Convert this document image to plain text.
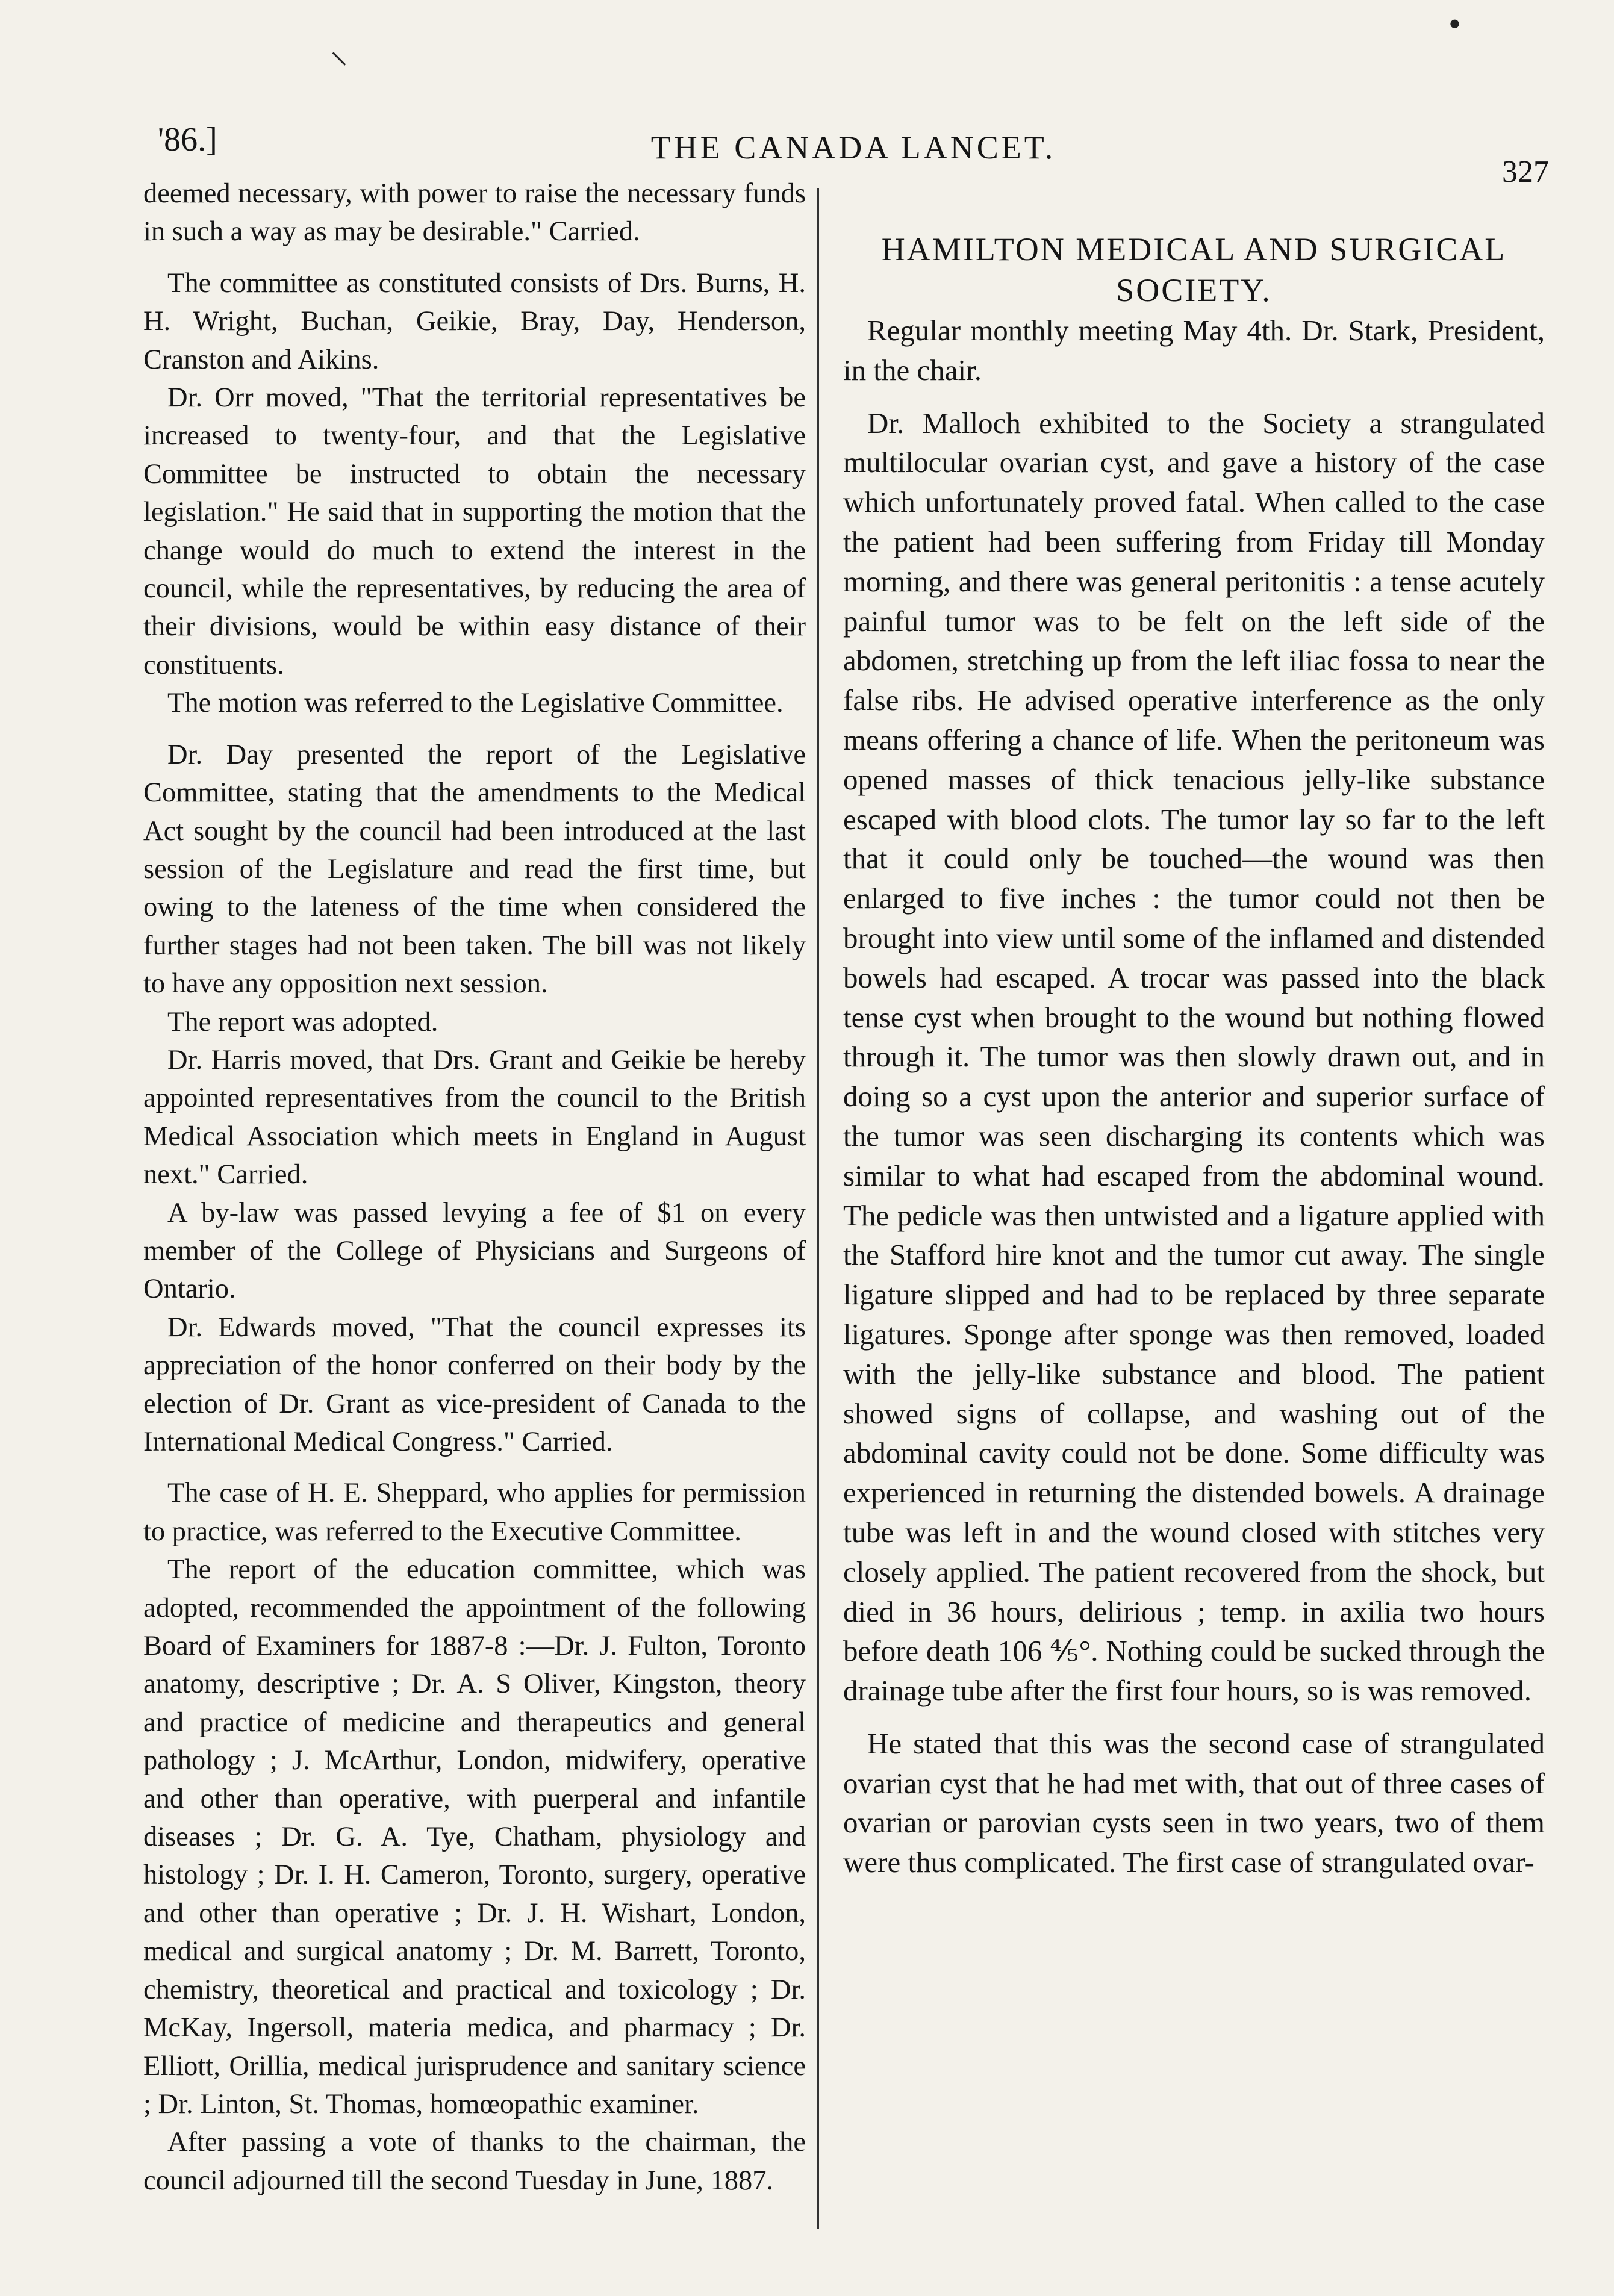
⸜
•
'86.]	THE CANADA LANCET.
327

deemed necessary, with power to raise the necessary funds in such a way as may be desirable." Carried.

The committee as constituted consists of Drs. Burns, H. H. Wright, Buchan, Geikie, Bray, Day, Henderson, Cranston and Aikins.

Dr. Orr moved, "That the territorial representatives be increased to twenty-four, and that the Legislative Committee be instructed to obtain the necessary legislation." He said that in supporting the motion that the change would do much to extend the interest in the council, while the representatives, by reducing the area of their divisions, would be within easy distance of their constituents.

The motion was referred to the Legislative Committee.

Dr. Day presented the report of the Legislative Committee, stating that the amendments to the Medical Act sought by the council had been introduced at the last session of the Legislature and read the first time, but owing to the lateness of the time when considered the further stages had not been taken. The bill was not likely to have any opposition next session.

The report was adopted.

Dr. Harris moved, that Drs. Grant and Geikie be hereby appointed representatives from the council to the British Medical Association which meets in England in August next." Carried.

A by-law was passed levying a fee of $1 on every member of the College of Physicians and Surgeons of Ontario.

Dr. Edwards moved, "That the council expresses its appreciation of the honor conferred on their body by the election of Dr. Grant as vice-president of Canada to the International Medical Congress." Carried.

The case of H. E. Sheppard, who applies for permission to practice, was referred to the Executive Committee.

The report of the education committee, which was adopted, recommended the appointment of the following Board of Examiners for 1887-8 :—Dr. J. Fulton, Toronto anatomy, descriptive ; Dr. A. S Oliver, Kingston, theory and practice of medicine and therapeutics and general pathology ; J. McArthur, London, midwifery, operative and other than operative, with puerperal and infantile diseases ; Dr. G. A. Tye, Chatham, physiology and histology ; Dr. I. H. Cameron, Toronto, surgery, operative and other than operative ; Dr. J. H. Wishart, London, medical and surgical anatomy ; Dr. M. Barrett, Toronto, chemistry, theoretical and practical and toxicology ; Dr. McKay, Ingersoll, materia medica, and pharmacy ; Dr. Elliott, Orillia, medical jurisprudence and sanitary science ; Dr. Linton, St. Thomas, homœopathic examiner.

After passing a vote of thanks to the chairman, the council adjourned till the second Tuesday in June, 1887.

HAMILTON MEDICAL AND SURGICAL SOCIETY.

Regular monthly meeting May 4th. Dr. Stark, President, in the chair.

Dr. Malloch exhibited to the Society a strangulated multilocular ovarian cyst, and gave a history of the case which unfortunately proved fatal. When called to the case the patient had been suffering from Friday till Monday morning, and there was general peritonitis : a tense acutely painful tumor was to be felt on the left side of the abdomen, stretching up from the left iliac fossa to near the false ribs. He advised operative interference as the only means offering a chance of life. When the peritoneum was opened masses of thick tenacious jelly-like substance escaped with blood clots. The tumor lay so far to the left that it could only be touched—the wound was then enlarged to five inches : the tumor could not then be brought into view until some of the inflamed and distended bowels had escaped. A trocar was passed into the black tense cyst when brought to the wound but nothing flowed through it. The tumor was then slowly drawn out, and in doing so a cyst upon the anterior and superior surface of the tumor was seen discharging its contents which was similar to what had escaped from the abdominal wound. The pedicle was then untwisted and a ligature applied with the Stafford hire knot and the tumor cut away. The single ligature slipped and had to be replaced by three separate ligatures. Sponge after sponge was then removed, loaded with the jelly-like substance and blood. The patient showed signs of collapse, and washing out of the abdominal cavity could not be done. Some difficulty was experienced in returning the distended bowels. A drainage tube was left in and the wound closed with stitches very closely applied. The patient recovered from the shock, but died in 36 hours, delirious ; temp. in axilia two hours before death 106 ⅘°. Nothing could be sucked through the drainage tube after the first four hours, so is was removed.

He stated that this was the second case of strangulated ovarian cyst that he had met with, that out of three cases of ovarian or parovian cysts seen in two years, two of them were thus complicated. The first case of strangulated ovar-
